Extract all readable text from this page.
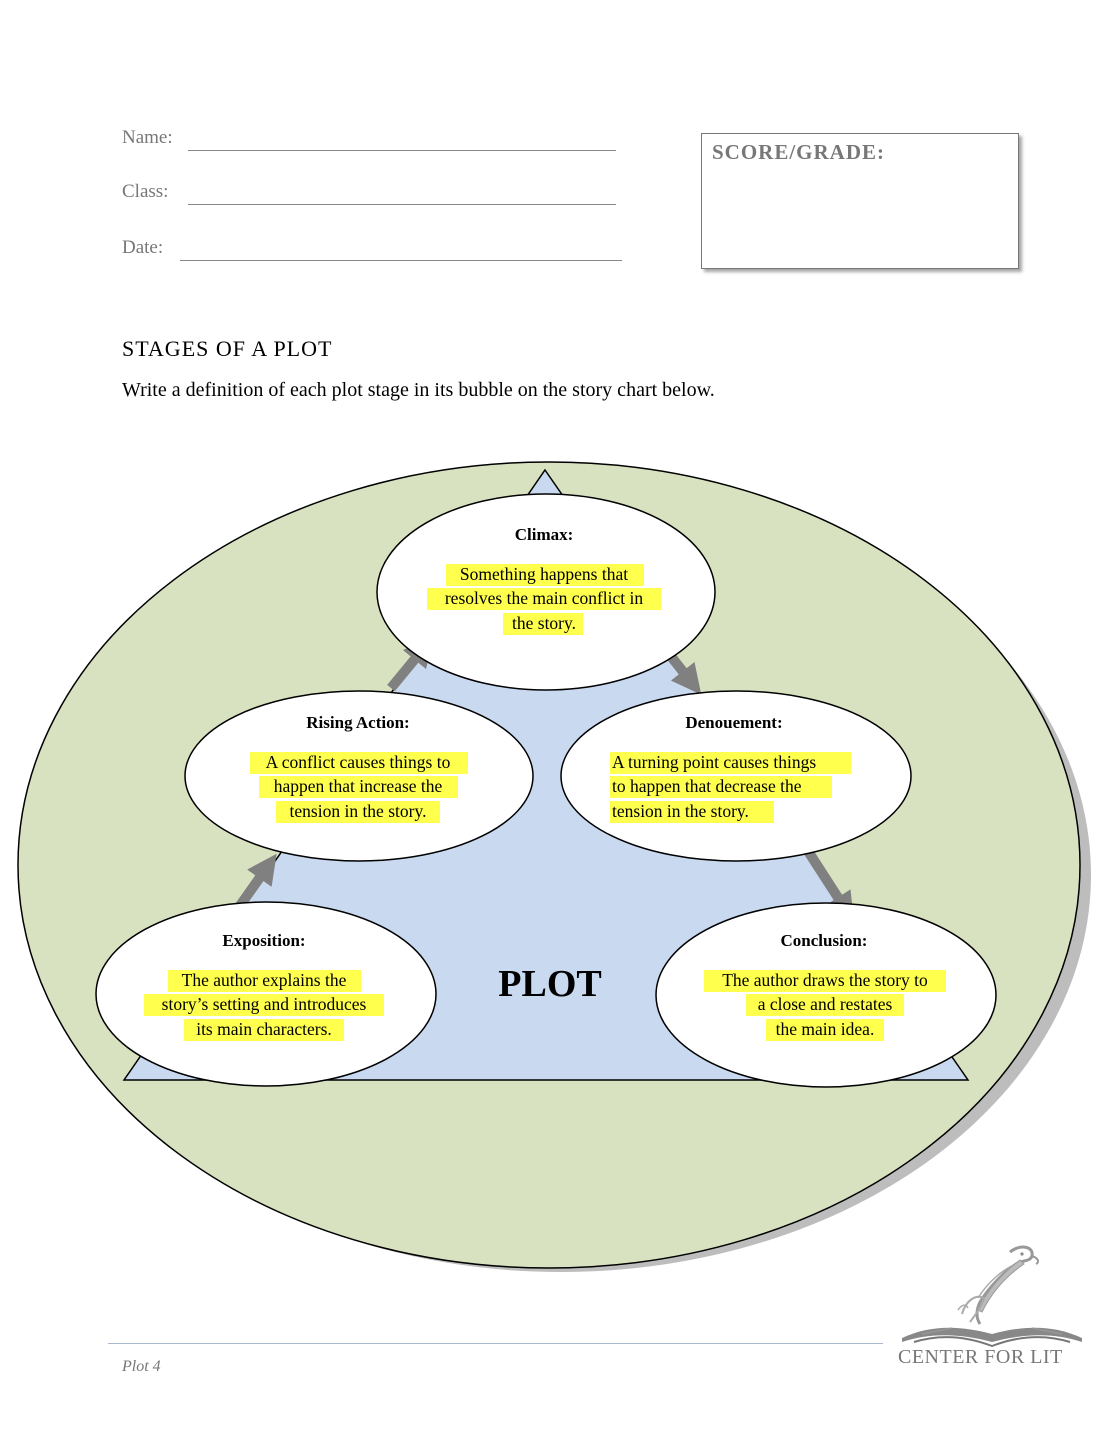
Name:
Class:
Date:
SCORE/GRADE:
STAGES OF A PLOT
Write a definition of each plot stage in its bubble on the story chart below.
Climax:
Something happens that
resolves the main conflict in
the story.
Rising Action:
A conflict causes things to
happen that increase the
tension in the story.
Denouement:
A turning point causes things
to happen that decrease the
tension in the story.
Exposition:
The author explains the
story’s setting and introduces
its main characters.
Conclusion:
The author draws the story to
a close and restates
the main idea.
PLOT
Plot 4	CENTER FOR LIT
